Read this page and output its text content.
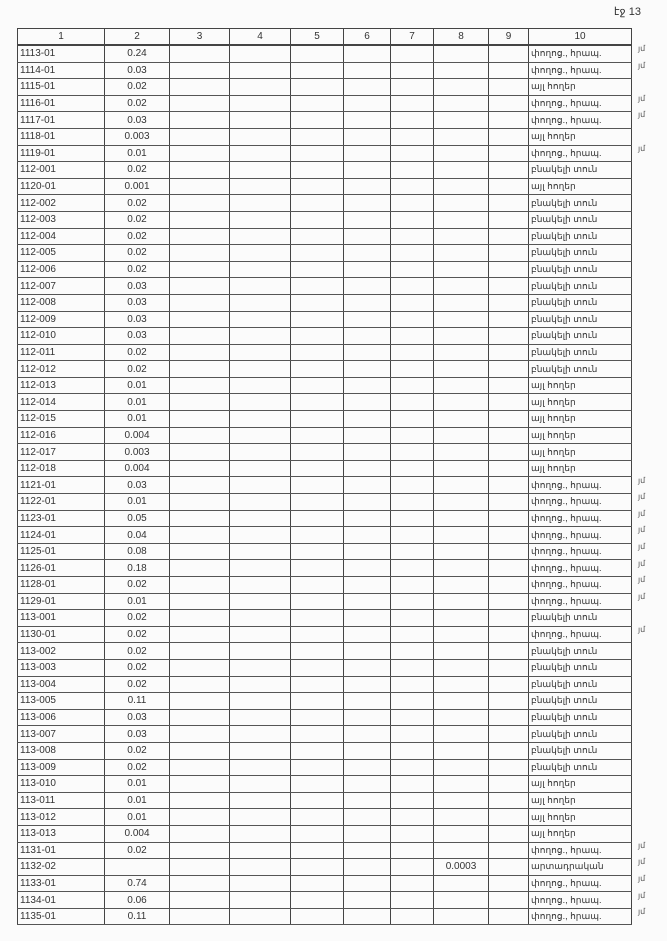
էջ 13
1	2	3	4	5	6	7	8	9	10
1113-01	0.24								փողոց., հրապ.
1114-01	0.03								փողոց., հրապ.
1115-01	0.02								այլ հողեր
1116-01	0.02								փողոց., հրապ.
1117-01	0.03								փողոց., հրապ.
1118-01	0.003								այլ հողեր
1119-01	0.01								փողոց., հրապ.
112-001	0.02								բնակելի տուն
1120-01	0.001								այլ հողեր
112-002	0.02								բնակելի տուն
112-003	0.02								բնակելի տուն
112-004	0.02								բնակելի տուն
112-005	0.02								բնակելի տուն
112-006	0.02								բնակելի տուն
112-007	0.03								բնակելի տուն
112-008	0.03								բնակելի տուն
112-009	0.03								բնակելի տուն
112-010	0.03								բնակելի տուն
112-011	0.02								բնակելի տուն
112-012	0.02								բնակելի տուն
112-013	0.01								այլ հողեր
112-014	0.01								այլ հողեր
112-015	0.01								այլ հողեր
112-016	0.004								այլ հողեր
112-017	0.003								այլ հողեր
112-018	0.004								այլ հողեր
1121-01	0.03								փողոց., հրապ.
1122-01	0.01								փողոց., հրապ.
1123-01	0.05								փողոց., հրապ.
1124-01	0.04								փողոց., հրապ.
1125-01	0.08								փողոց., հրապ.
1126-01	0.18								փողոց., հրապ.
1128-01	0.02								փողոց., հրապ.
1129-01	0.01								փողոց., հրապ.
113-001	0.02								բնակելի տուն
1130-01	0.02								փողոց., հրապ.
113-002	0.02								բնակելի տուն
113-003	0.02								բնակելի տուն
113-004	0.02								բնակելի տուն
113-005	0.11								բնակելի տուն
113-006	0.03								բնակելի տուն
113-007	0.03								բնակելի տուն
113-008	0.02								բնակելի տուն
113-009	0.02								բնակելի տուն
113-010	0.01								այլ հողեր
113-011	0.01								այլ հողեր
113-012	0.01								այլ հողեր
113-013	0.004								այլ հողեր
1131-01	0.02								փողոց., հրապ.
1132-02							0.0003		արտադրական
1133-01	0.74								փողոց., հրապ.
1134-01	0.06								փողոց., հրապ.
1135-01	0.11								փողոց., հրապ.
յմ
յմ
յմ
յմ
յմ
յմ
յմ
յմ
յմ
յմ
յմ
յմ
յմ
յմ
յմ
յմ
յմ
յմ
յմ
